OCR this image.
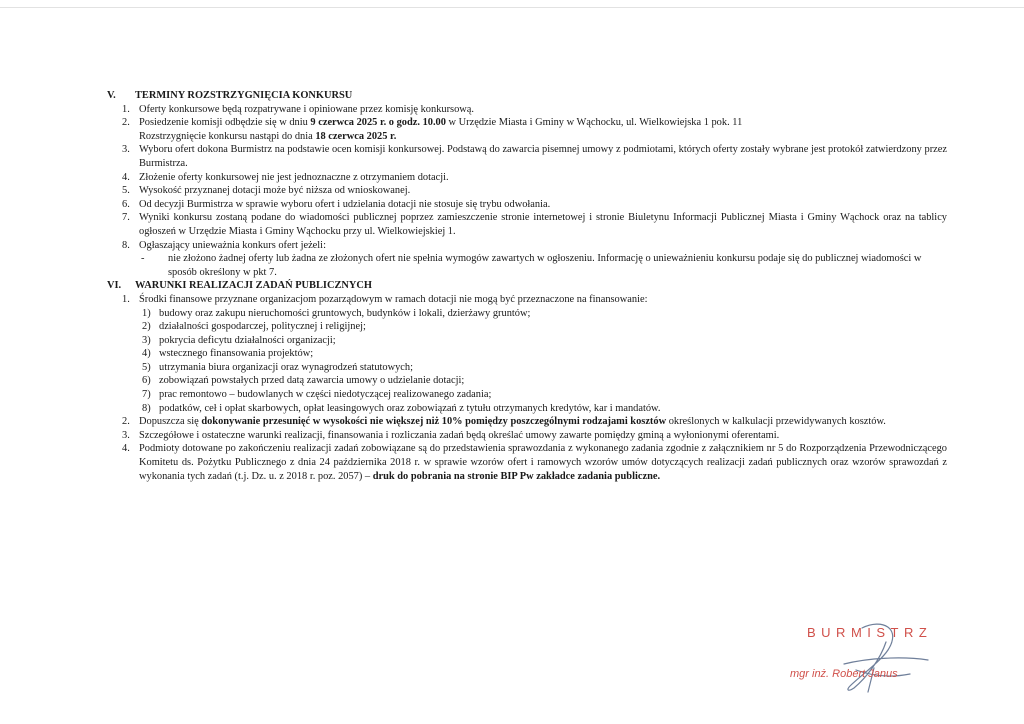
V.	TERMINY ROZSTRZYGNIĘCIA KONKURSU
1. Oferty konkursowe będą rozpatrywane i opiniowane przez komisję konkursową.
2. Posiedzenie komisji odbędzie się w dniu 9 czerwca 2025 r. o godz. 10.00 w Urzędzie Miasta i Gminy w Wąchocku, ul. Wielkowiejska 1 pok. 11
Rozstrzygnięcie konkursu nastąpi do dnia 18 czerwca 2025 r.
3. Wyboru ofert dokona Burmistrz na podstawie ocen komisji konkursowej. Podstawą do zawarcia pisemnej umowy z podmiotami, których oferty zostały wybrane jest protokół zatwierdzony przez Burmistrza.
4. Złożenie oferty konkursowej nie jest jednoznaczne z otrzymaniem dotacji.
5. Wysokość przyznanej dotacji może być niższa od wnioskowanej.
6. Od decyzji Burmistrza w sprawie wyboru ofert i udzielania dotacji nie stosuje się trybu odwołania.
7. Wyniki konkursu zostaną podane do wiadomości publicznej poprzez zamieszczenie stronie internetowej i stronie Biuletynu Informacji Publicznej Miasta i Gminy Wąchock oraz na tablicy ogłoszeń w Urzędzie Miasta i Gminy Wąchocku przy ul. Wielkowiejskiej 1.
8. Ogłaszający unieważnia konkurs ofert jeżeli:
-	nie złożono żadnej oferty lub żadna ze złożonych ofert nie spełnia wymogów zawartych w ogłoszeniu. Informację o unieważnieniu konkursu podaje się do publicznej wiadomości w sposób określony w pkt 7.
VI.	WARUNKI REALIZACJI ZADAŃ PUBLICZNYCH
1. Środki finansowe przyznane organizacjom pozarządowym w ramach dotacji nie mogą być przeznaczone na finansowanie:
1) budowy oraz zakupu nieruchomości gruntowych, budynków i lokali, dzierżawy gruntów;
2) działalności gospodarczej, politycznej i religijnej;
3) pokrycia deficytu działalności organizacji;
4) wstecznego finansowania projektów;
5) utrzymania biura organizacji oraz wynagrodzeń statutowych;
6) zobowiązań powstałych przed datą zawarcia umowy o udzielanie dotacji;
7) prac remontowo – budowlanych w części niedotyczącej realizowanego zadania;
8) podatków, ceł i opłat skarbowych, opłat leasingowych oraz zobowiązań z tytułu otrzymanych kredytów, kar i mandatów.
2. Dopuszcza się dokonywanie przesunięć w wysokości nie większej niż 10% pomiędzy poszczególnymi rodzajami kosztów określonych w kalkulacji przewidywanych kosztów.
3. Szczegółowe i ostateczne warunki realizacji, finansowania i rozliczania zadań będą określać umowy zawarte pomiędzy gminą a wyłonionymi oferentami.
4. Podmioty dotowane po zakończeniu realizacji zadań zobowiązane są do przedstawienia sprawozdania z wykonanego zadania zgodnie z załącznikiem nr 5 do Rozporządzenia Przewodniczącego Komitetu ds. Pożytku Publicznego z dnia 24 października 2018 r. w sprawie wzorów ofert i ramowych wzorów umów dotyczących realizacji zadań publicznych oraz wzorów sprawozdań z wykonania tych zadań (t.j. Dz. u. z 2018 r. poz. 2057) – druk do pobrania na stronie BIP Pw zakładce zadania publiczne.
BURMISTRZ
mgr inż. Robert Janus
